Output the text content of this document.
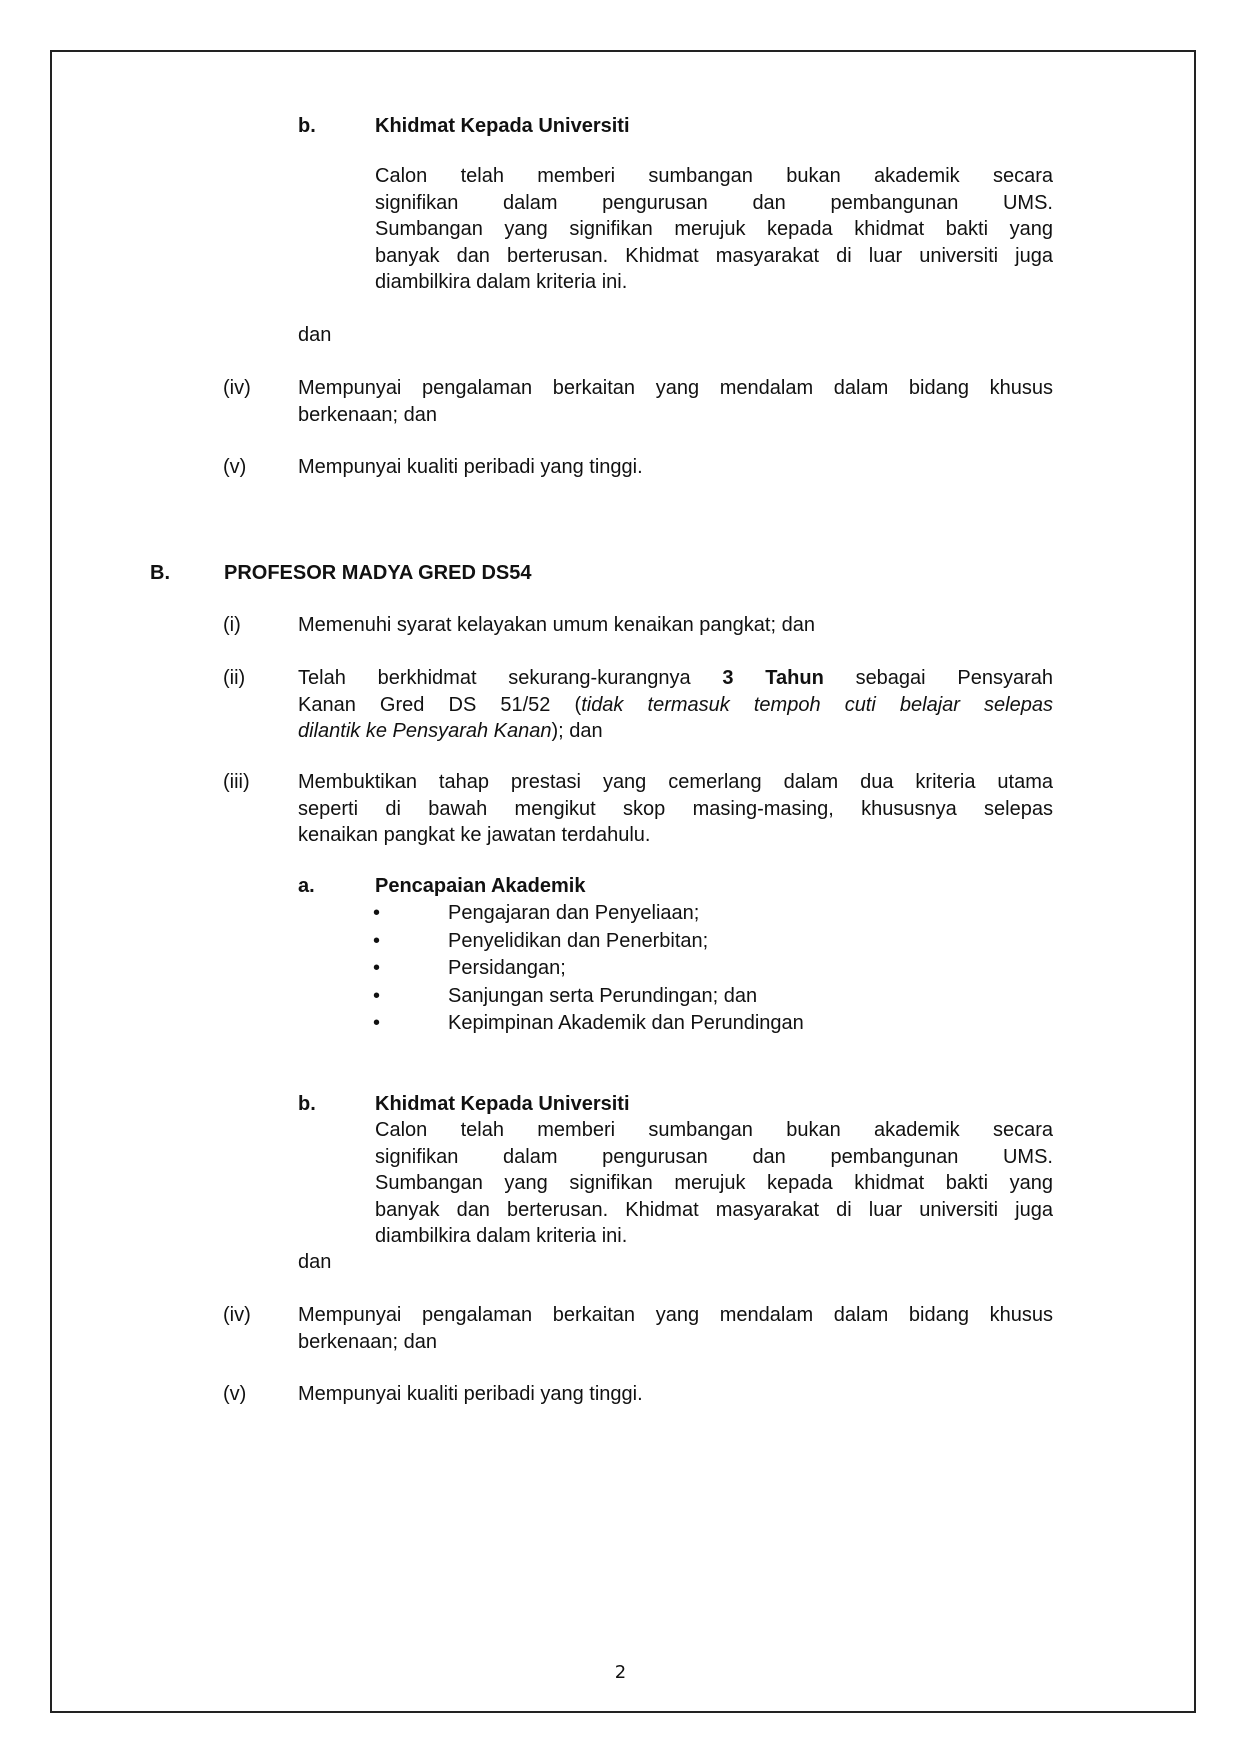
b.	Khidmat Kepada Universiti
Calon telah memberi sumbangan bukan akademik secara
signifikan dalam pengurusan dan pembangunan UMS.
Sumbangan yang signifikan merujuk kepada khidmat bakti yang
banyak dan berterusan. Khidmat masyarakat di luar universiti juga
diambilkira dalam kriteria ini.
dan
(iv) Mempunyai pengalaman berkaitan yang mendalam dalam bidang khusus
berkenaan; dan
(v)	Mempunyai kualiti peribadi yang tinggi.
B.	PROFESOR MADYA GRED DS54
(i)	Memenuhi syarat kelayakan umum kenaikan pangkat; dan
(ii)	Telah berkhidmat sekurang-kurangnya 3 Tahun sebagai Pensyarah
Kanan Gred DS 51/52 (tidak termasuk tempoh cuti belajar selepas
dilantik ke Pensyarah Kanan); dan
(iii) Membuktikan tahap prestasi yang cemerlang dalam dua kriteria utama
seperti di bawah mengikut skop masing-masing, khususnya selepas
kenaikan pangkat ke jawatan terdahulu.
a.	Pencapaian Akademik
•	Pengajaran dan Penyeliaan;
•	Penyelidikan dan Penerbitan;
•	Persidangan;
•	Sanjungan serta Perundingan; dan
•	Kepimpinan Akademik dan Perundingan
b.	Khidmat Kepada Universiti
Calon telah memberi sumbangan bukan akademik secara
signifikan dalam pengurusan dan pembangunan UMS.
Sumbangan yang signifikan merujuk kepada khidmat bakti yang
banyak dan berterusan. Khidmat masyarakat di luar universiti juga
diambilkira dalam kriteria ini.
dan
(iv) Mempunyai pengalaman berkaitan yang mendalam dalam bidang khusus
berkenaan; dan
(v)	Mempunyai kualiti peribadi yang tinggi.
2
